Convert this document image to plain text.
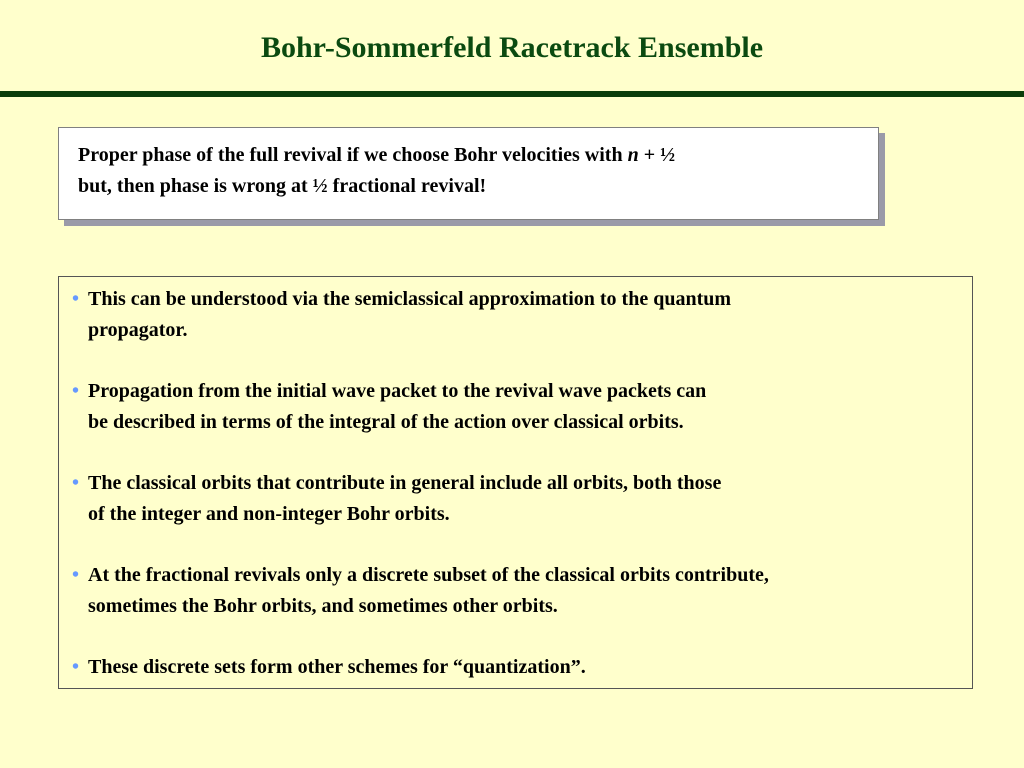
Bohr-Sommerfeld Racetrack Ensemble
Proper phase of the full revival if we choose Bohr velocities with n + ½
but, then phase is wrong at ½ fractional revival!
• This can be understood via the semiclassical approximation to the quantum
propagator.
• Propagation from the initial wave packet to the revival wave packets can
be described in terms of the integral of the action over classical orbits.
• The classical orbits that contribute in general include all orbits, both those
of the integer and non-integer Bohr orbits.
• At the fractional revivals only a discrete subset of the classical orbits contribute,
sometimes the Bohr orbits, and sometimes other orbits.
• These discrete sets form other schemes for “quantization”.
